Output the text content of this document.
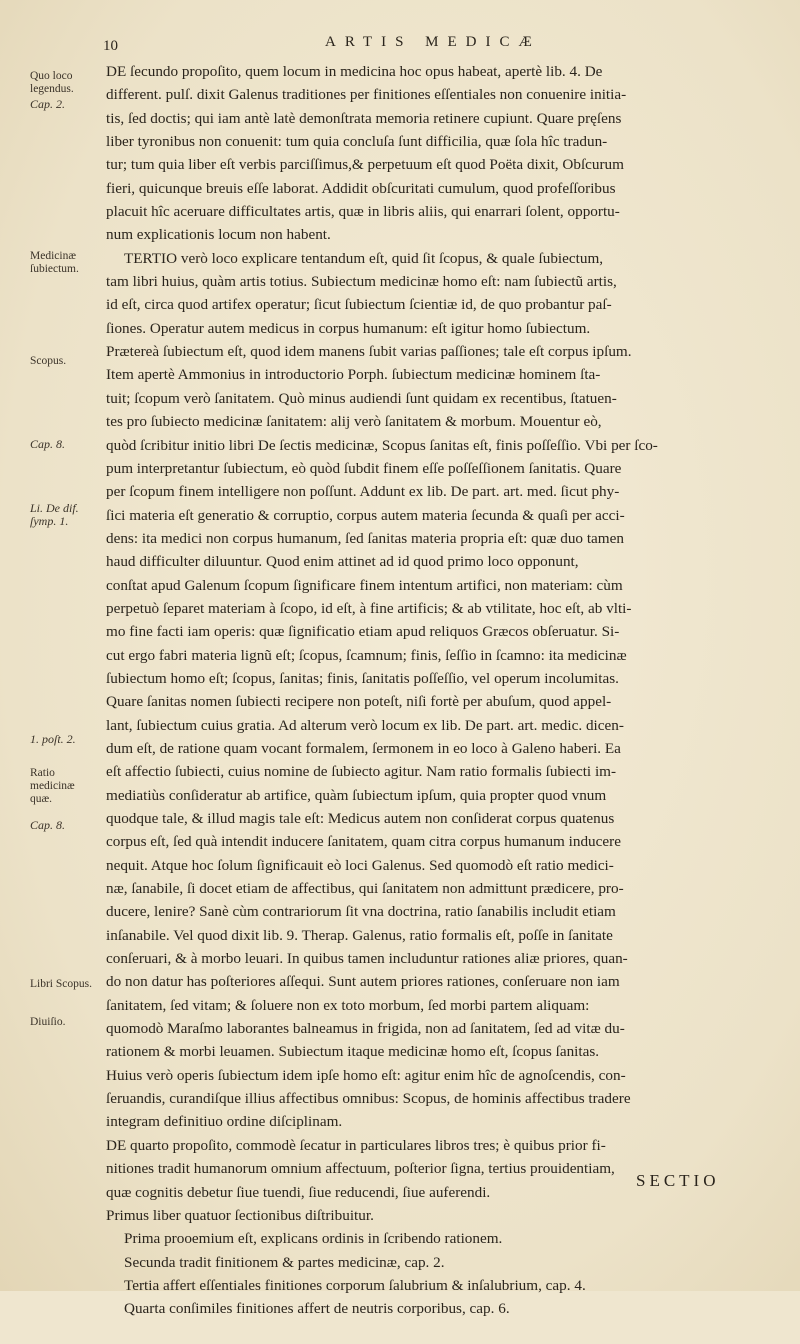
10	ARTIS MEDICÆ
Quo loco legendus.
Cap. 2.
Medicinæ ſubiectum.
Scopus.
Cap. 8.
Li. De dif. ſymp. 1.
1. poſt. 2.
Ratio medicinæ quæ.
Cap. 8.
Libri Scopus.
Diuiſio.
DE ſecundo propoſito, quem locum in medicina hoc opus habeat, apertè lib. 4. De
different. pulſ. dixit Galenus traditiones per finitiones eſſentiales non conuenire initia-
tis, ſed doctis; qui iam antè latè demonſtrata memoria retinere cupiunt. Quare pręſens
liber tyronibus non conuenit: tum quia concluſa ſunt difficilia, quæ ſola hîc tradun-
tur; tum quia liber eſt verbis parciſſimus,& perpetuum eſt quod Poëta dixit, Obſcurum
fieri, quicunque breuis eſſe laborat. Addidit obſcuritati cumulum, quod profeſſoribus
placuit hîc aceruare difficultates artis, quæ in libris aliis, qui enarrari ſolent, opportu-
num explicationis locum non habent.
TERTIO verò loco explicare tentandum eſt, quid ſit ſcopus, & quale ſubiectum,
tam libri huius, quàm artis totius. Subiectum medicinæ homo eſt: nam ſubiectũ artis,
id eſt, circa quod artifex operatur; ſicut ſubiectum ſcientiæ id, de quo probantur paſ-
ſiones. Operatur autem medicus in corpus humanum: eſt igitur homo ſubiectum.
Prætereà ſubiectum eſt, quod idem manens ſubit varias paſſiones; tale eſt corpus ipſum.
Item apertè Ammonius in introductorio Porph. ſubiectum medicinæ hominem ſta-
tuit; ſcopum verò ſanitatem. Quò minus audiendi ſunt quidam ex recentibus, ſtatuen-
tes pro ſubiecto medicinæ ſanitatem: alij verò ſanitatem & morbum. Mouentur eò,
quòd ſcribitur initio libri De ſectis medicinæ, Scopus ſanitas eſt, finis poſſeſſio. Vbi per ſco-
pum interpretantur ſubiectum, eò quòd ſubdit finem eſſe poſſeſſionem ſanitatis. Quare
per ſcopum finem intelligere non poſſunt. Addunt ex lib. De part. art. med. ſicut phy-
ſici materia eſt generatio & corruptio, corpus autem materia ſecunda & quaſi per acci-
dens: ita medici non corpus humanum, ſed ſanitas materia propria eſt: quæ duo tamen
haud difficulter diluuntur. Quod enim attinet ad id quod primo loco opponunt,
conſtat apud Galenum ſcopum ſignificare finem intentum artifici, non materiam: cùm
perpetuò ſeparet materiam à ſcopo, id eſt, à fine artificis; & ab vtilitate, hoc eſt, ab vlti-
mo fine facti iam operis: quæ ſignificatio etiam apud reliquos Græcos obſeruatur. Si-
cut ergo fabri materia lignũ eſt; ſcopus, ſcamnum; finis, ſeſſio in ſcamno: ita medicinæ
ſubiectum homo eſt; ſcopus, ſanitas; finis, ſanitatis poſſeſſio, vel operum incolumitas.
Quare ſanitas nomen ſubiecti recipere non poteſt, niſi fortè per abuſum, quod appel-
lant, ſubiectum cuius gratia. Ad alterum verò locum ex lib. De part. art. medic. dicen-
dum eſt, de ratione quam vocant formalem, ſermonem in eo loco à Galeno haberi. Ea
eſt affectio ſubiecti, cuius nomine de ſubiecto agitur. Nam ratio formalis ſubiecti im-
mediatiùs conſideratur ab artifice, quàm ſubiectum ipſum, quia propter quod vnum
quodque tale, & illud magis tale eſt: Medicus autem non conſiderat corpus quatenus
corpus eſt, ſed quà intendit inducere ſanitatem, quam citra corpus humanum inducere
nequit. Atque hoc ſolum ſignificauit eò loci Galenus. Sed quomodò eſt ratio medici-
næ, ſanabile, ſi docet etiam de affectibus, qui ſanitatem non admittunt prædicere, pro-
ducere, lenire? Sanè cùm contrariorum ſit vna doctrina, ratio ſanabilis includit etiam
inſanabile. Vel quod dixit lib. 9. Therap. Galenus, ratio formalis eſt, poſſe in ſanitate
conſeruari, & à morbo leuari. In quibus tamen includuntur rationes aliæ priores, quan-
do non datur has poſteriores aſſequi. Sunt autem priores rationes, conſeruare non iam
ſanitatem, ſed vitam; & ſoluere non ex toto morbum, ſed morbi partem aliquam:
quomodò Maraſmo laborantes balneamus in frigida, non ad ſanitatem, ſed ad vitæ du-
rationem & morbi leuamen. Subiectum itaque medicinæ homo eſt, ſcopus ſanitas.
Huius verò operis ſubiectum idem ipſe homo eſt: agitur enim hîc de agnoſcendis, con-
ſeruandis, curandiſque illius affectibus omnibus: Scopus, de hominis affectibus tradere
integram definitiuo ordine diſciplinam.
DE quarto propoſito, commodè ſecatur in particulares libros tres; è quibus prior fi-
nitiones tradit humanorum omnium affectuum, poſterior ſigna, tertius prouidentiam,
quæ cognitis debetur ſiue tuendi, ſiue reducendi, ſiue auferendi.
Primus liber quatuor ſectionibus diſtribuitur.
Prima prooemium eſt, explicans ordinis in ſcribendo rationem.
Secunda tradit finitionem & partes medicinæ, cap. 2.
Tertia affert eſſentiales finitiones corporum ſalubrium & inſalubrium, cap. 4.
Quarta conſimiles finitiones affert de neutris corporibus, cap. 6.
SECTIO
